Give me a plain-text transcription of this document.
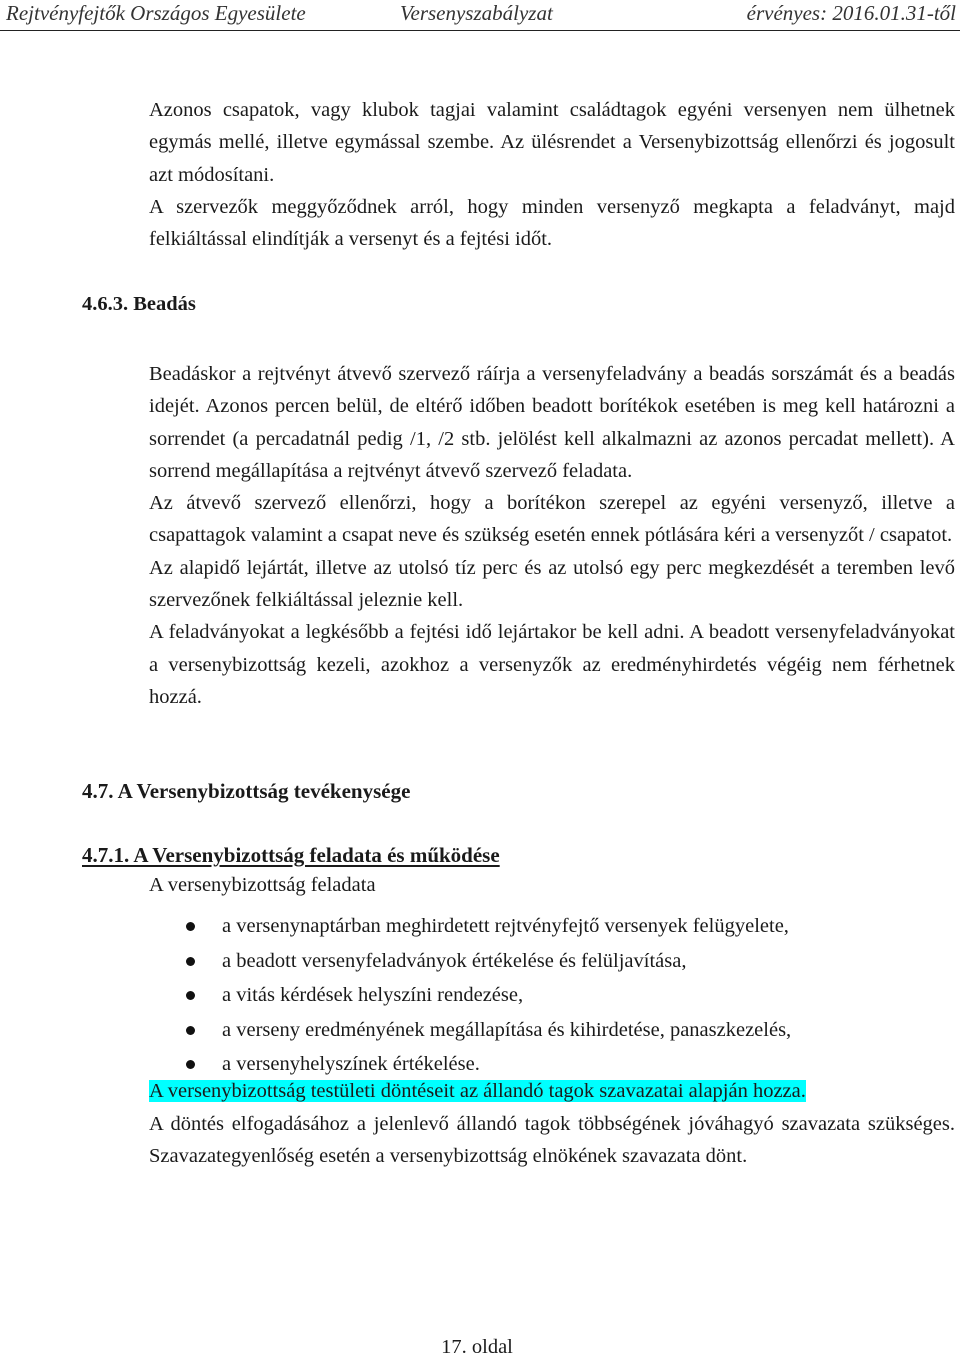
Rejtvényfejtők Országos Egyesülete	Versenyszabályzat	érvényes: 2016.01.31-től
Azonos csapatok, vagy klubok tagjai valamint családtagok egyéni versenyen nem ülhetnek egymás mellé, illetve egymással szembe. Az ülésrendet a Versenybizottság ellenőrzi és jogosult azt módosítani.
A szervezők meggyőződnek arról, hogy minden versenyző megkapta a feladványt, majd felkiáltással elindítják a versenyt és a fejtési időt.
4.6.3. Beadás
Beadáskor a rejtvényt átvevő szervező ráírja a versenyfeladvány a beadás sorszámát és a beadás idejét. Azonos percen belül, de eltérő időben beadott borítékok esetében is meg kell határozni a sorrendet (a percadatnál pedig /1, /2 stb. jelölést kell alkalmazni az azonos percadat mellett). A sorrend megállapítása a rejtvényt átvevő szervező feladata.
Az átvevő szervező ellenőrzi, hogy a borítékon szerepel az egyéni versenyző, illetve a csapattagok valamint a csapat neve és szükség esetén ennek pótlására kéri a versenyzőt / csapatot.
Az alapidő lejártát, illetve az utolsó tíz perc és az utolsó egy perc megkezdését a teremben levő szervezőnek felkiáltással jeleznie kell.
A feladványokat a legkésőbb a fejtési idő lejártakor be kell adni. A beadott versenyfeladványokat a versenybizottság kezeli, azokhoz a versenyzők az eredményhirdetés végéig nem férhetnek hozzá.
4.7. A Versenybizottság tevékenysége
4.7.1. A Versenybizottság feladata és működése
A versenybizottság feladata
a versenynaptárban meghirdetett rejtvényfejtő versenyek felügyelete,
a beadott versenyfeladványok értékelése és felüljavítása,
a vitás kérdések helyszíni rendezése,
a verseny eredményének megállapítása és kihirdetése, panaszkezelés,
a versenyhelyszínek értékelése.
A versenybizottság testületi döntéseit az állandó tagok szavazatai alapján hozza.
A döntés elfogadásához a jelenlevő állandó tagok többségének jóváhagyó szavazata szükséges. Szavazategyenlőség esetén a versenybizottság elnökének szavazata dönt.
17. oldal
